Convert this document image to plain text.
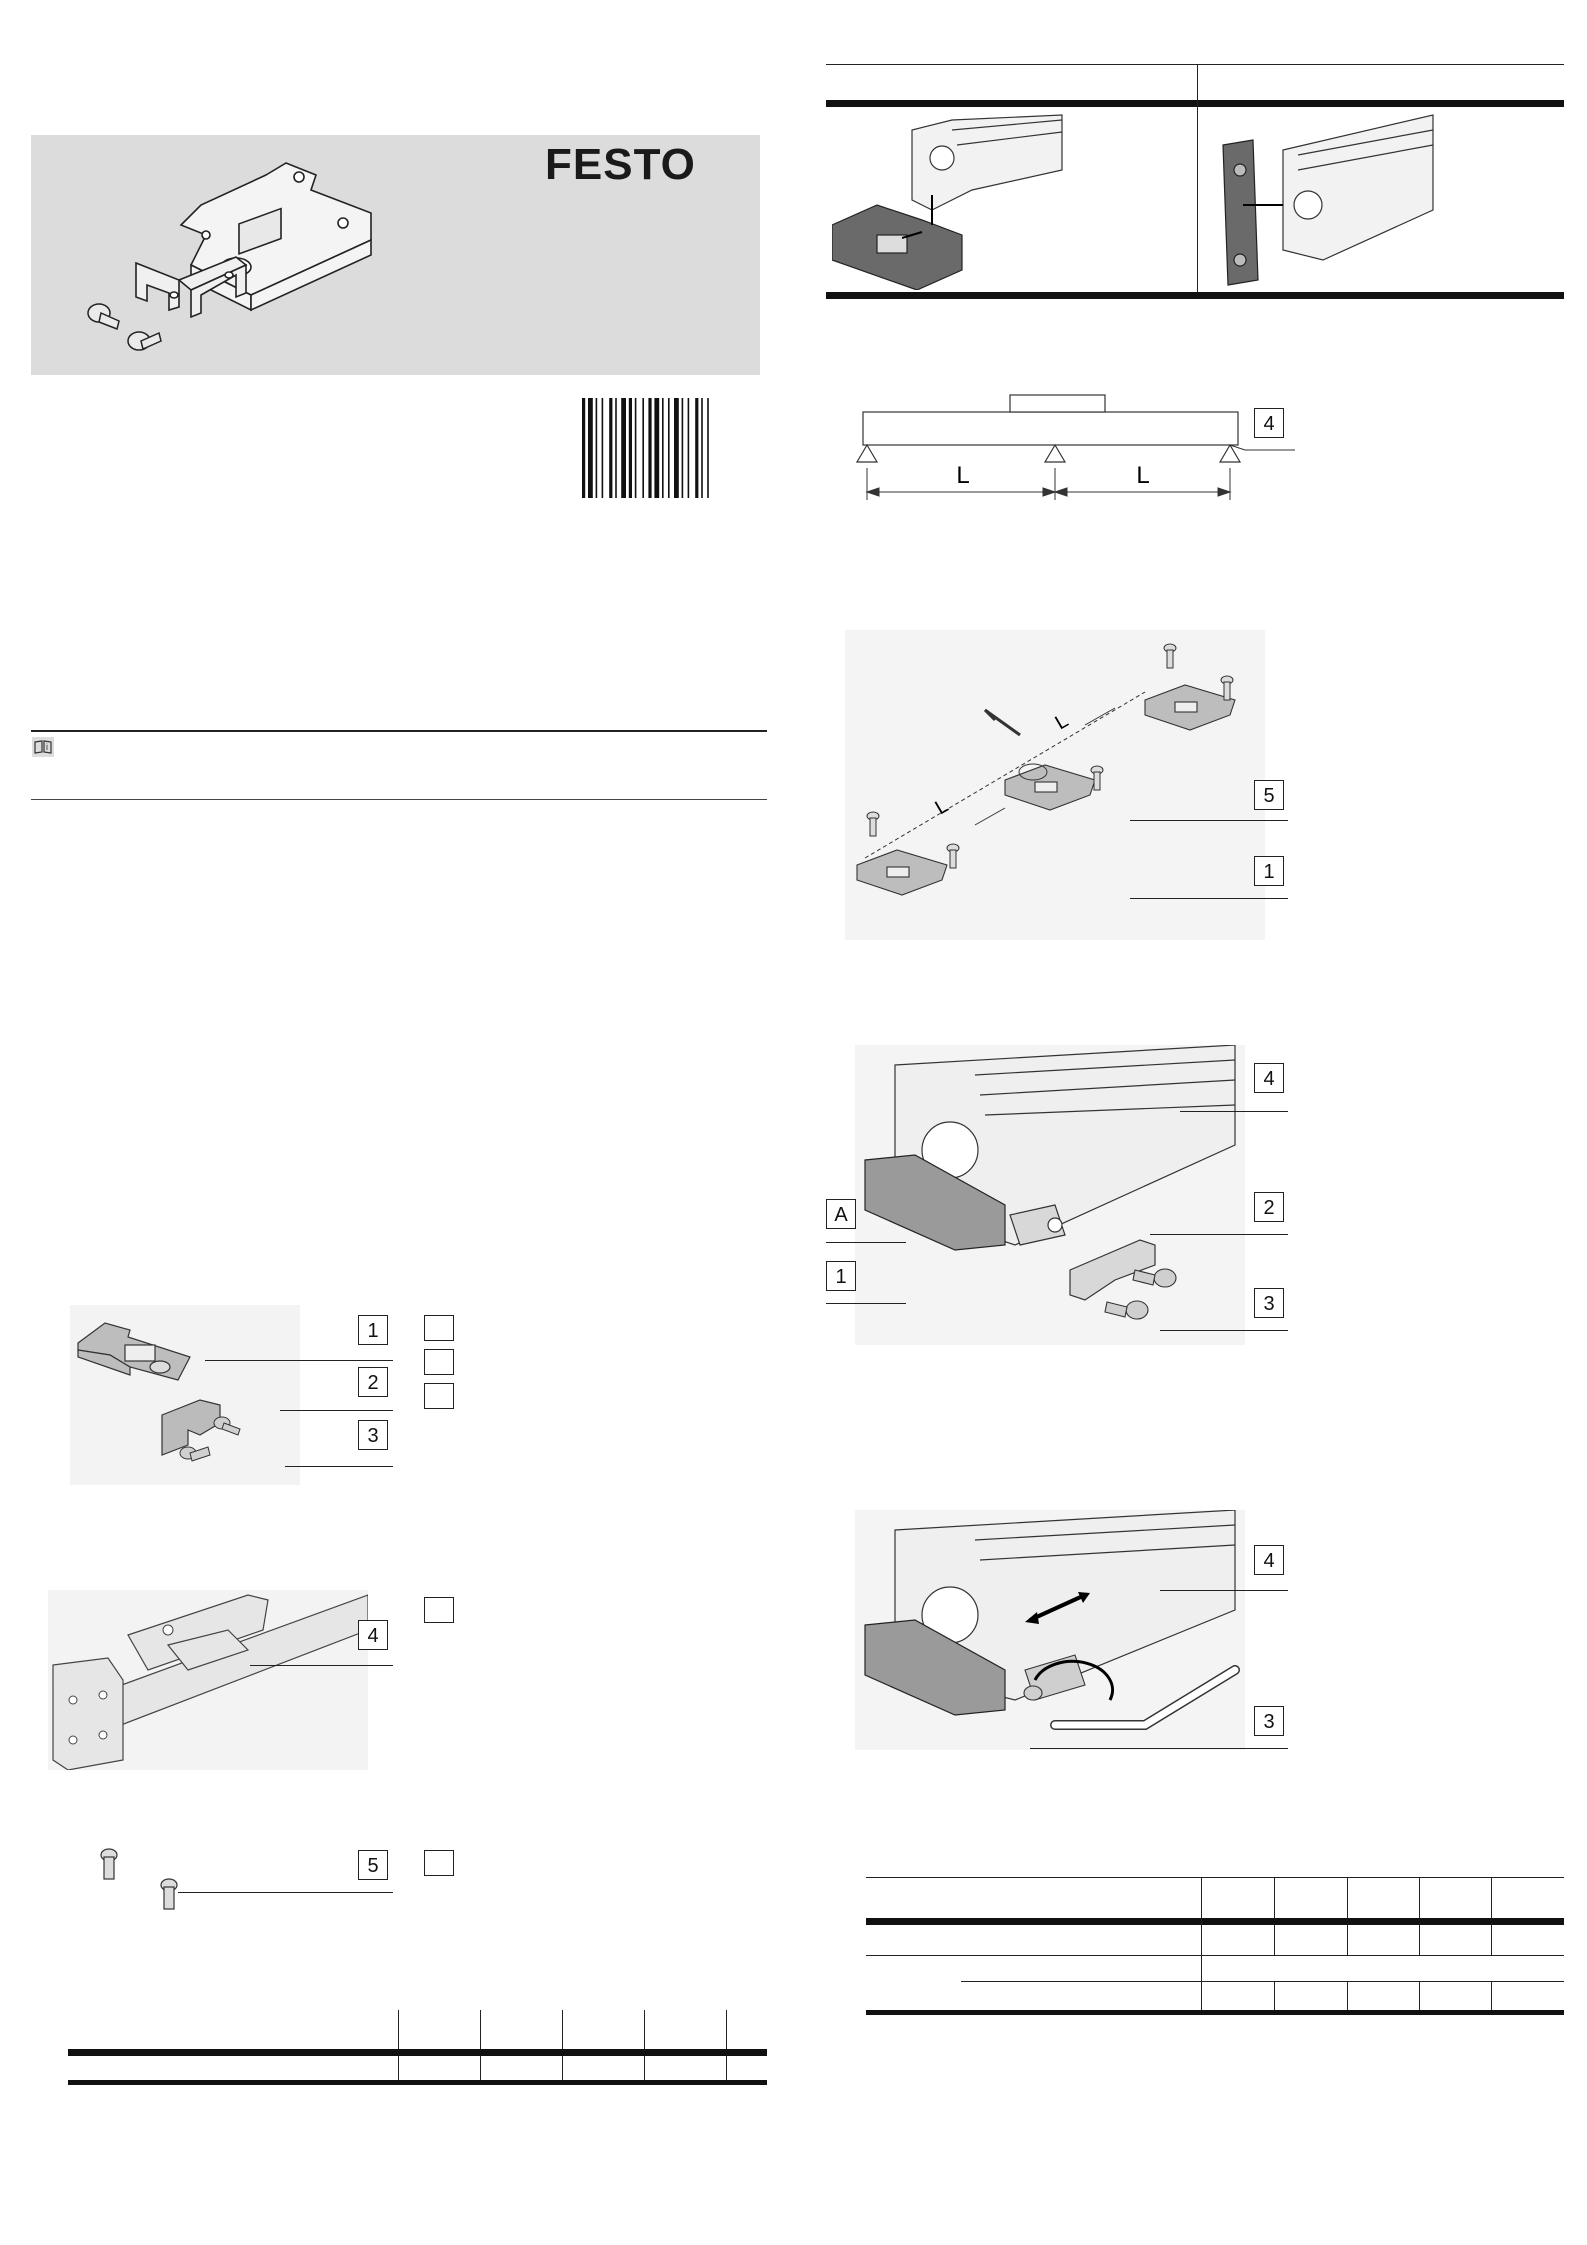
FESTO
i
1
2
3
4
5

L	L
4
L
L
5
1
4
2
3
A
1
4
3
